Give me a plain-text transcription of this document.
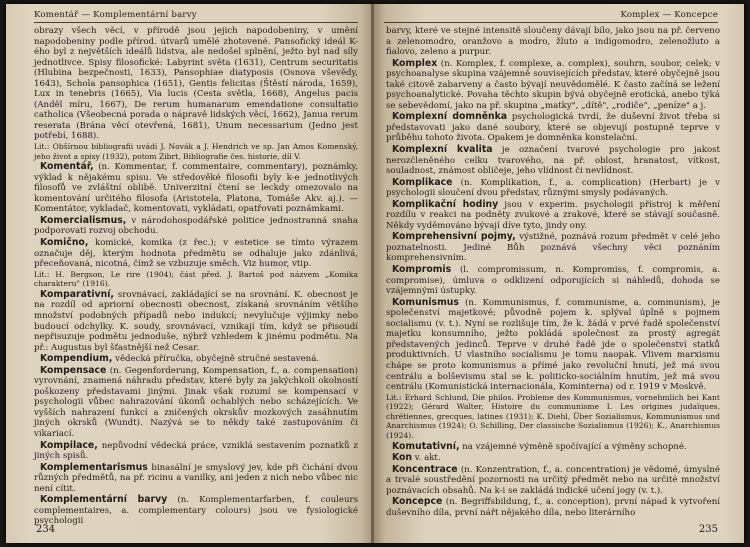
Komentář — Komplementární barvy

obrazy všech věcí, v přírodě jsou jejich napodobeniny, v umění napodobeniny podle přírod. útvarů umělé zhotovené. Pansofický ideál K-ého byl z největších ideálů lidstva, ale nedošel splnění, ježto byl nad síly jednotlivce. Spisy filosofické: Labyrint světa (1631), Centrum securitatis (Hlubina bezpečnosti, 1633), Pansophiae diatyposis (Osnova vševědy, 1643), Schola pansophica (1651), Gentis felicitas (Štěstí národa, 1659), Lux in tenebris (1665), Via lucis (Cesta světla, 1668), Angelus pacis (Anděl míru, 1667), De rerum humanarum emendatione consultatio catholica (Všeobecná porada o nápravě lidských věcí, 1662), Janua rerum reserata (Brána věcí otevřená, 1681), Unum necessarium (Jedno jest potřebí, 1688).

Lit.: Obšírnou bibliografii uvádí J. Novák a J. Hendrich ve sp. Jan Amos Komenský, jeho život a spisy (1932), potom Zibrt, Bibliografie čes. historie, díl V.

Komentář, (n. Kommentar, f. commentaire, commentary), poznámky, výklad k nějakému spisu. Ve středověké filosofii byly k-e jednotlivých filosofů ve zvláštní oblibě. Univerzitní čtení se leckdy omezovalo na komentování určitého filosofa (Aristotela, Platona, Tomáše Akv. aj.). — Komentátor, vykladač, komentovati, vykládati, opatřovati poznámkami.

Komercialismus, v národohospodářské politice jednostranná snaha podporovati rozvoj obchodu.

Komično, komické, komika (z řec.); v estetice se tímto výrazem označuje děj, kterým hodnota předmětu se odhaluje jako zdánlivá, přeceňovaná, nicotná, čímž se vzbuzuje směch. Viz humor, vtip.

Lit.: H. Bergson, Le rire (1904); část před. J. Bartoš pod názvem „Komika charakteru" (1916).

Komparativní, srovnávací, zakládající se na srovnání. K. obecnost je na rozdíl od apriorní obecnosti obecnost, získaná srovnáním většího množství podobných případů nebo indukcí; nevylučuje výjimky nebo budoucí odchylky. K. soudy, srovnávací, vznikají tím, když se přisoudí nepřisuzuje podmětu jednoduše, nýbrž vzhledem k jinému podmětu. Na př.: Augustus byl šťastnější než Cesar.

Kompendium, vědecká příručka, obyčejně stručné sestavená.

Kompensace (n. Gegenforderung, Kompensation, f., a. compensation) vyrovnání, znamená náhradu představ, které byly za jakýchkoli okolností poškozeny představami jinými. Jinak však rozumí se kompensací v psychologii vůbec nahrazování úkonů ochablých nebo scházejících. Ve vyšších nahrazení funkcí a zničených okrskův mozkových zasáhnutím jiných okrsků (Wundt). Nazývá se to někdy také zastupováním či vikariací.

Kompilace, nepůvodní vědecká práce, vzniklá sestavením poznatků z jiných spisů.

Komplementarismus binasální je smyslový jev, kde při čichání dvou různých předmětů, na př. ricinu a vanilky, ani jeden z nich nebo vůbec nic není cítit.

Komplementární barvy (n. Komplementarfarben, f. couleurs complementaires, a. complementary colours) jsou ve fysiologické psychologii

234
Komplex — Koncepce

barvy, které ve stejné intensitě sloučeny dávají bílo, jako jsou na př. červeno a zelenomodro, oranžovo a modro, žluto a indigomodro, zelenožluto a fialovo, zeleno a purpur.

Komplex (n. Komplex, f. complexe, a. complex), souhrn, soubor, celek; v psychoanalyse skupina vzájemně souvisejících představ, které obyčejně jsou také citově zabarveny a často bývají neuvědomělé. K často začíná se ležení psychoanalytické. Povaha těchto skupin bývá obyčejně erotická, anebo týká se sebevědomí, jako na př. skupina „matky", „dítě", „rodiče", „peníze" a j.

Komplexní domněnka psychologická tvrdí, že duševní život třeba si představovati jako dané soubory, které se objevují postupně teprve v průběhu tohoto života. Opakem je domněnka konstelační.

Komplexní kvalita je označení tvarové psychologie pro jakost nerozčleněného celku tvarového, na př. oblost, hranatost, vítkost, souladnost, známost obličeje, jeho vlídnost či nevlídnost.

Komplikace (n. Komplikation, f., a. complication) (Herbart) je v psychologii sloučení dvou představ, různými smysly podávaných.

Komplikační hodiny jsou v experim. psychologii přístroj k měření rozdílu v reakci na podněty zvukové a zrakové, které se stávají současně. Někdy vyděmováno bývají díve tyto, jindy ony.

Komprehensivní pojmy, výstižné, poznává rozum předmět v celé jeho poznatelnosti. Jediné Bůh poznává všechny věci poznáním komprehensivním.

Kompromis (l. compromissum, n. Kompromiss, f. compromis, a. compromise), úmluva o odklizení odporujících si náhledů, dohoda se vzájemnými ústupky.

Komunismus (n. Kommunismus, f. communisme, a. communism), je společenství majetkové; původně pojem k. splýval úplně s pojmem socialismu (v. t.). Nyní se rozlišuje tím, že k. žádá v prvé řadě společenství majetku konsumního, ježto pokládá společnost za prostý agregát představených jedinců. Teprve v druhé řadě jde o společenství statků produktivních. U vlastního socialismu je tomu naopak. Vlivem marxismu chápe se proto komunismus a přímé jako revoluční hnutí, jež má svou centrálu a bolševismu stal se k. politicko-sociálním hnutím, jež má svou centrálu (Komunistická internacionála, Kominterna) od r. 1919 v Moskvě.

Lit.: Erhard Schlund, Die philos. Probleme des Kommunismus, vornehmlich bei Kant (1922); Gérard Walter, Histoire du communisme I. Les origines judaïques, chrétiennes, grecques, latines (1931); K. Diehl, Über Sozialismus, Kommunismus und Anarchismus (1924); O. Schilling, Der classische Sozialismus (1926); K., Anarchismus (1924).

Komutativní, na vzájemné výměně spočívající a výměny schopné.

Kon v. akt.

Koncentrace (n. Konzentration, f., a. concentration) je vědomé, úmyslné a trvalé soustředění pozornosti na určitý předmět nebo na určité množství poznávacích obsahů. Na k-i se zakládá indické učení jogy (v. t.).

Koncepce (n. Begriffsbildung, f., a. conception), první nápad k vytvoření duševního díla, první nářt nějakého díla, nebo literárního

235
